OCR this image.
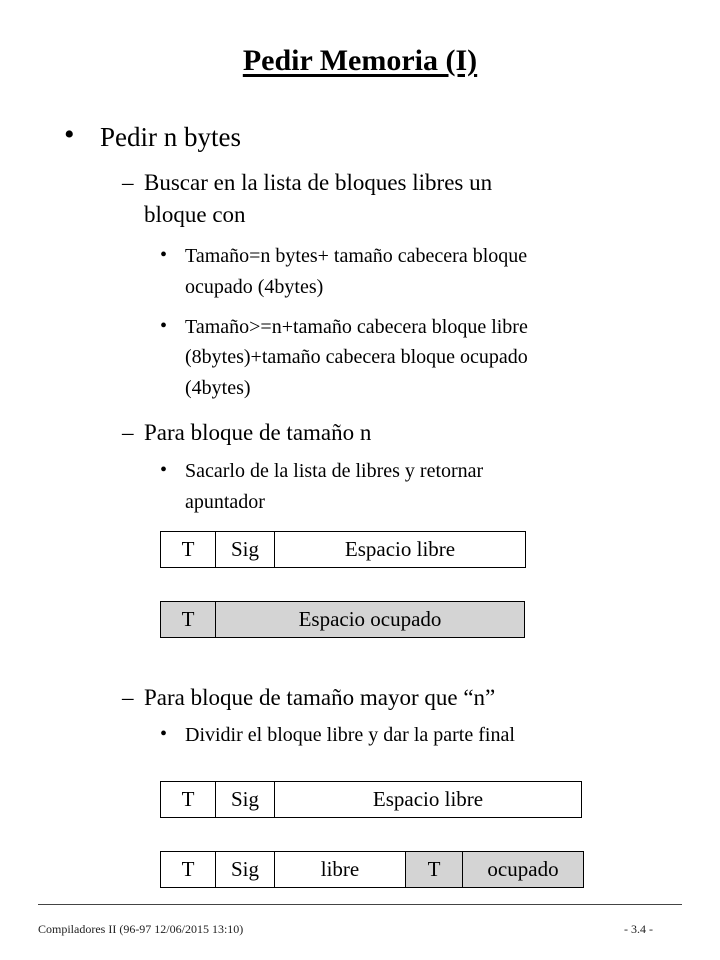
Pedir Memoria (I)
• Pedir n bytes
– Buscar en la lista de bloques libres un
bloque con
• Tamaño=n bytes+ tamaño cabecera bloque
ocupado (4bytes)
• Tamaño>=n+tamaño cabecera bloque libre
(8bytes)+tamaño cabecera bloque ocupado
(4bytes)
– Para bloque de tamaño n
• Sacarlo de la lista de libres y retornar
apuntador
T	Sig	Espacio libre
T	Espacio ocupado
– Para bloque de tamaño mayor que “n”
• Dividir el bloque libre y dar la parte final
T	Sig	Espacio libre
T	Sig	libre	T	ocupado
Compiladores II (96-97 12/06/2015 13:10)	- 3.4 -
